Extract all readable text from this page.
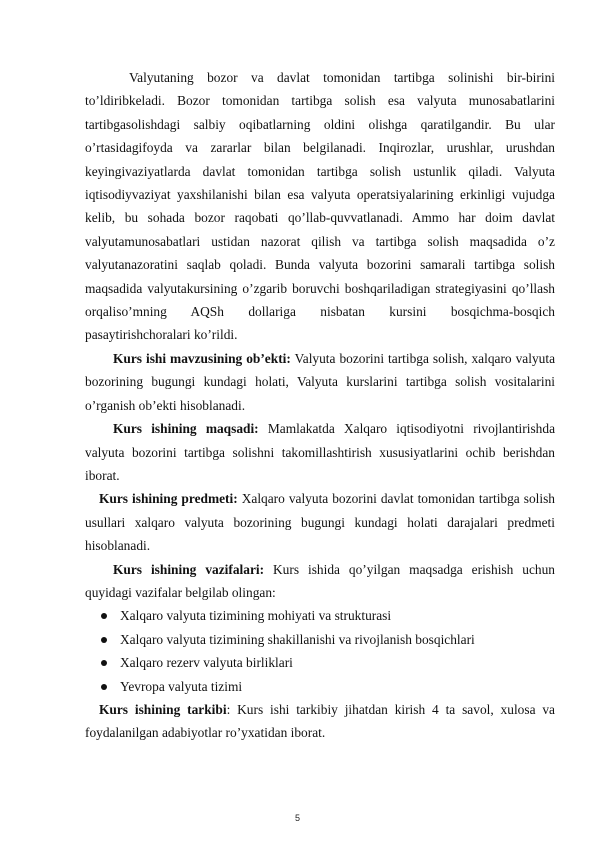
Valyutaning bozor va davlat tomonidan tartibga solinishi bir-birini to’ldiribkeladi. Bozor tomonidan tartibga solish esa valyuta munosabatlarini tartibgasolishdagi salbiy oqibatlarning oldini olishga qaratilgandir. Bu ular o’rtasidagifoyda va zararlar bilan belgilanadi. Inqirozlar, urushlar, urushdan keyingivaziyatlarda davlat tomonidan tartibga solish ustunlik qiladi. Valyuta iqtisodiyvaziyat yaxshilanishi bilan esa valyuta operatsiyalarining erkinligi vujudga kelib, bu sohada bozor raqobati qo’llab-quvvatlanadi. Ammo har doim davlat valyutamunosabatlari ustidan nazorat qilish va tartibga solish maqsadida o’z valyutanazoratini saqlab qoladi. Bunda valyuta bozorini samarali tartibga solish maqsadida valyutakursining o’zgarib boruvchi boshqariladigan strategiyasini qo’llash orqaliso’mning AQSh dollariga nisbatan kursini bosqichma-bosqich pasaytirishchoralari ko’rildi.

Kurs ishi mavzusining ob’ekti: Valyuta bozorini tartibga solish, xalqaro valyuta bozorining bugungi kundagi holati, Valyuta kurslarini tartibga solish vositalarini o’rganish ob’ekti hisoblanadi.

Kurs ishining maqsadi: Mamlakatda Xalqaro iqtisodiyotni rivojlantirishda valyuta bozorini tartibga solishni takomillashtirish xususiyatlarini ochib berishdan iborat.

Kurs ishining predmeti: Xalqaro valyuta bozorini davlat tomonidan tartibga solish usullari xalqaro valyuta bozorining bugungi kundagi holati darajalari predmeti hisoblanadi.

Kurs ishining vazifalari: Kurs ishida qo’yilgan maqsadga erishish uchun quyidagi vazifalar belgilab olingan:

Xalqaro valyuta tizimining mohiyati va strukturasi
Xalqaro valyuta tizimining shakillanishi va rivojlanish bosqichlari
Xalqaro rezerv valyuta birliklari
Yevropa valyuta tizimi

Kurs ishining tarkibi: Kurs ishi tarkibiy jihatdan kirish 4 ta savol, xulosa va foydalanilgan adabiyotlar ro’yxatidan iborat.

5
